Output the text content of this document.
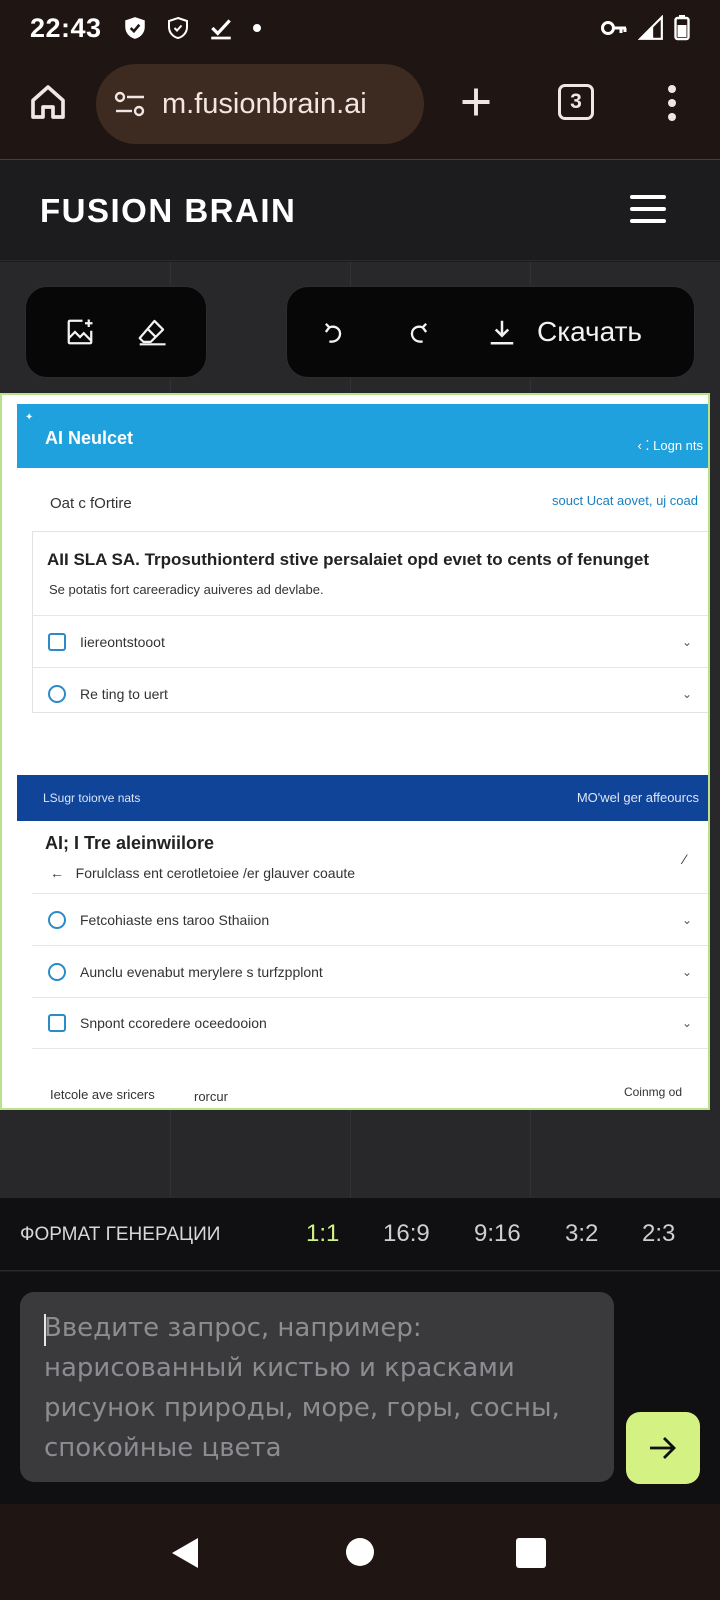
22:43
m.fusionbrain.ai	3
FUSION BRAIN
Скачать
✦
AI Neulcet	‹ ⁚ Logn nts
Oat c fOrtire	souct Ucat aovet, uj coad
AII SLA SA. Trposuthionterd stive persalaiet opd evıet to cents of fenunget
Se potatis fort careeradicy auiveres ad devlabe.
Iiereontstooot	⌄
Re ting to uert	⌄
LSugr toiorve nats	MO'wel ger affeourcs
AI; I Tre aleinwiilore
←   Forulclass ent cerotletoiee /er glauver coaute
⁄
Fetcohiaste ens taroo Sthaiion	⌄
Aunclu evenabut merylere s turfzpplont	⌄
Snpont ccoredere oceedooion	⌄
Ietcole ave sricers	rorcur	Coinmg od
ФОРМАТ ГЕНЕРАЦИИ	1:1 16:9 9:16 3:2 2:3
Введите запрос, например: нарисованный кистью и красками рисунок природы, море, горы, сосны, спокойные цвета
